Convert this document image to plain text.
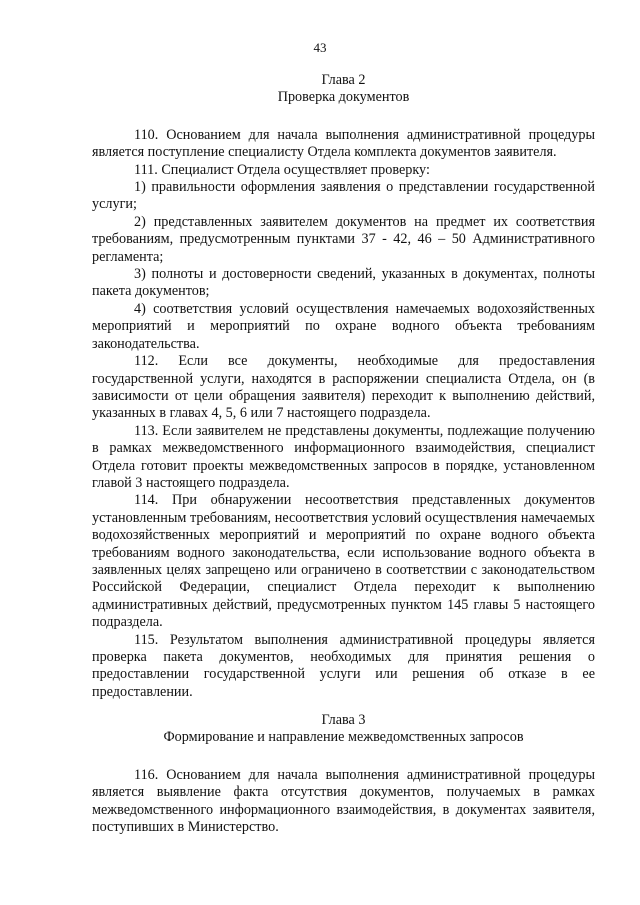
43
Глава 2
Проверка документов

110. Основанием для начала выполнения административной процедуры является поступление специалисту Отдела комплекта документов заявителя.

111. Специалист Отдела осуществляет проверку:

1) правильности оформления заявления о представлении государственной услуги;

2) представленных заявителем документов на предмет их соответствия требованиям, предусмотренным пунктами 37 - 42, 46 – 50 Административного регламента;

3) полноты и достоверности сведений, указанных в документах, полноты пакета документов;

4) соответствия условий осуществления намечаемых водохозяйственных мероприятий и мероприятий по охране водного объекта требованиям законодательства.

112. Если все документы, необходимые для предоставления государственной услуги, находятся в распоряжении специалиста Отдела, он (в зависимости от цели обращения заявителя) переходит к выполнению действий, указанных в главах 4, 5, 6 или 7 настоящего подраздела.

113. Если заявителем не представлены документы, подлежащие получению в рамках межведомственного информационного взаимодействия, специалист Отдела готовит проекты межведомственных запросов в порядке, установленном главой 3 настоящего подраздела.

114. При обнаружении несоответствия представленных документов установленным требованиям, несоответствия условий осуществления намечаемых водохозяйственных мероприятий и мероприятий по охране водного объекта требованиям водного законодательства, если использование водного объекта в заявленных целях запрещено или ограничено в соответствии с законодательством Российской Федерации, специалист Отдела переходит к выполнению административных действий, предусмотренных пунктом 145 главы 5 настоящего подраздела.

115. Результатом выполнения административной процедуры является проверка пакета документов, необходимых для принятия решения о предоставлении государственной услуги или решения об отказе в ее предоставлении.

Глава 3
Формирование и направление межведомственных запросов

116. Основанием для начала выполнения административной процедуры является выявление факта отсутствия документов, получаемых в рамках межведомственного информационного взаимодействия, в документах заявителя, поступивших в Министерство.
